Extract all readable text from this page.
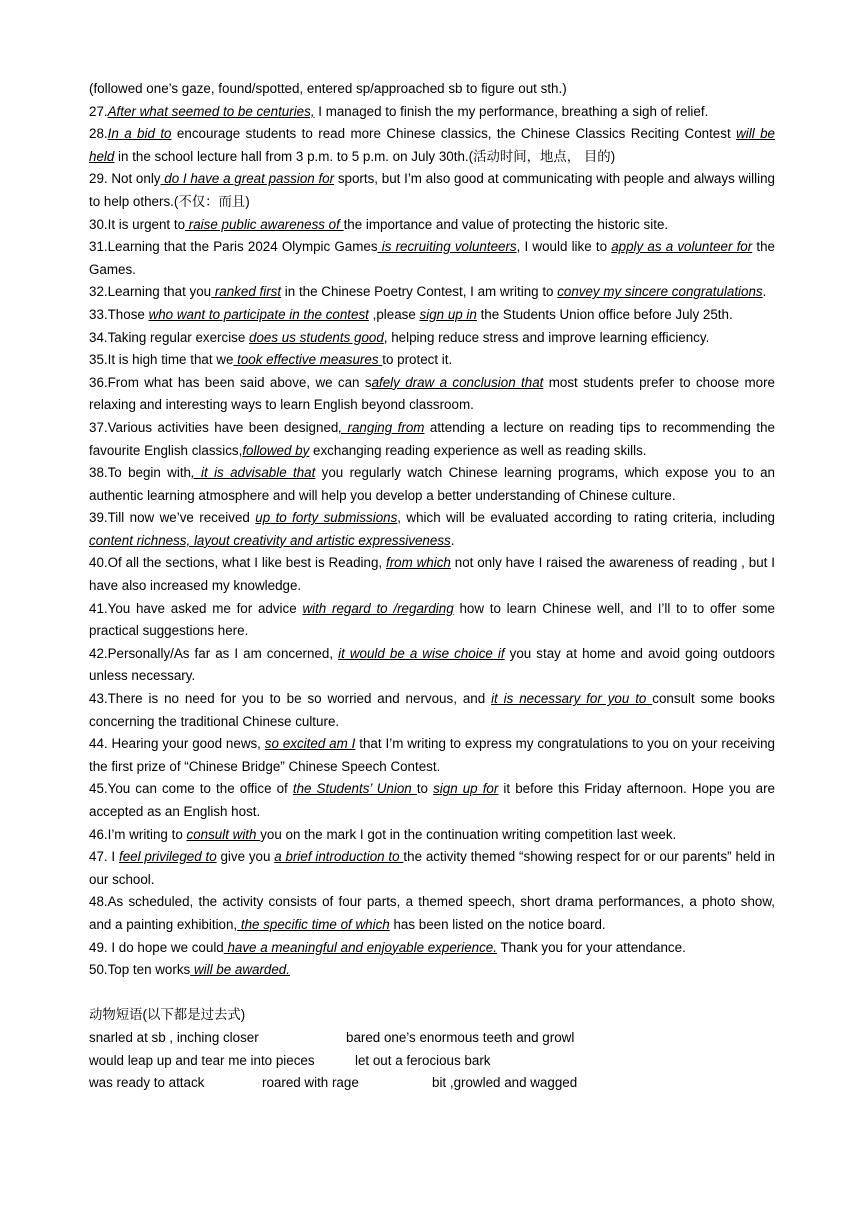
(followed one’s gaze, found/spotted, entered sp/approached sb to figure out sth.)

27.After what seemed to be centuries, I managed to finish the my performance, breathing a sigh of relief.

28.In a bid to encourage students to read more Chinese classics, the Chinese Classics Reciting Contest will be held in the school lecture hall from 3 p.m. to 5 p.m. on July 30th.(活动时间，地点， 目的)

29. Not only do I have a great passion for sports, but I’m also good at communicating with people and always willing to help others.(不仅：而且)

30.It is urgent to raise public awareness of the importance and value of protecting the historic site.

31.Learning that the Paris 2024 Olympic Games is recruiting volunteers, I would like to apply as a volunteer for the Games.

32.Learning that you ranked first in the Chinese Poetry Contest, I am writing to convey my sincere congratulations.

33.Those who want to participate in the contest ,please sign up in the Students Union office before July 25th.

34.Taking regular exercise does us students good, helping reduce stress and improve learning efficiency.

35.It is high time that we took effective measures to protect it.

36.From what has been said above, we can safely draw a conclusion that most students prefer to choose more relaxing and interesting ways to learn English beyond classroom.

37.Various activities have been designed, ranging from attending a lecture on reading tips to recommending the favourite English classics,followed by exchanging reading experience as well as reading skills.

38.To begin with, it is advisable that you regularly watch Chinese learning programs, which expose you to an authentic learning atmosphere and will help you develop a better understanding of Chinese culture.

39.Till now we’ve received up to forty submissions, which will be evaluated according to rating criteria, including content richness, layout creativity and artistic expressiveness.

40.Of all the sections, what I like best is Reading, from which not only have I raised the awareness of reading , but I have also increased my knowledge.

41.You have asked me for advice with regard to /regarding how to learn Chinese well, and I’ll to to offer some practical suggestions here.

42.Personally/As far as I am concerned, it would be a wise choice if you stay at home and avoid going outdoors unless necessary.

43.There is no need for you to be so worried and nervous, and it is necessary for you to consult some books concerning the traditional Chinese culture.

44. Hearing your good news, so excited am I that I’m writing to express my congratulations to you on your receiving the first prize of “Chinese Bridge” Chinese Speech Contest.

45.You can come to the office of the Students’ Union to sign up for it before this Friday afternoon. Hope you are accepted as an English host.

46.I’m writing to consult with you on the mark I got in the continuation writing competition last week.

47. I feel privileged to give you a brief introduction to the activity themed “showing respect for or our parents” held in our school.

48.As scheduled, the activity consists of four parts, a themed speech, short drama performances, a photo show, and a painting exhibition, the specific time of which has been listed on the notice board.

49. I do hope we could have a meaningful and enjoyable experience. Thank you for your attendance.

50.Top ten works will be awarded.

动物短语(以下都是过去式)

snarled at sb , inching closer	bared one’s enormous teeth and growl
would leap up and tear me into pieces	let out a ferocious bark
was ready to attack	roared with rage	bit ,growled and wagged
